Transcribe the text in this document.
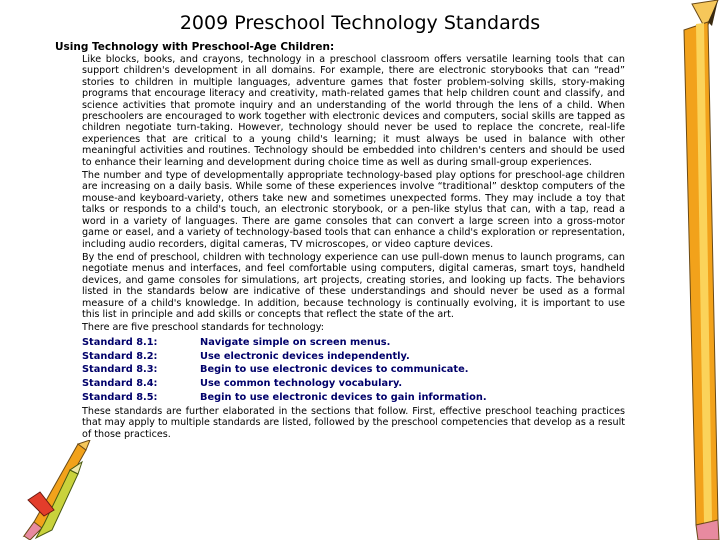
2009 Preschool Technology Standards
Using Technology with Preschool-Age Children:

Like blocks, books, and crayons, technology in a preschool classroom offers versatile learning tools that can support children's development in all domains. For example, there are electronic storybooks that can “read” stories to children in multiple languages, adventure games that foster problem-solving skills, story-making programs that encourage literacy and creativity, math-related games that help children count and classify, and science activities that promote inquiry and an understanding of the world through the lens of a child. When preschoolers are encouraged to work together with electronic devices and computers, social skills are tapped as children negotiate turn-taking. However, technology should never be used to replace the concrete, real-life experiences that are critical to a young child's learning; it must always be used in balance with other meaningful activities and routines. Technology should be embedded into children's centers and should be used to enhance their learning and development during choice time as well as during small-group experiences.

The number and type of developmentally appropriate technology-based play options for preschool-age children are increasing on a daily basis. While some of these experiences involve “traditional” desktop computers of the mouse-and keyboard-variety, others take new and sometimes unexpected forms. They may include a toy that talks or responds to a child's touch, an electronic storybook, or a pen-like stylus that can, with a tap, read a word in a variety of languages. There are game consoles that can convert a large screen into a gross-motor game or easel, and a variety of technology-based tools that can enhance a child's exploration or representation, including audio recorders, digital cameras, TV microscopes, or video capture devices.

By the end of preschool, children with technology experience can use pull-down menus to launch programs, can negotiate menus and interfaces, and feel comfortable using computers, digital cameras, smart toys, handheld devices, and game consoles for simulations, art projects, creating stories, and looking up facts. The behaviors listed in the standards below are indicative of these understandings and should never be used as a formal measure of a child's knowledge. In addition, because technology is continually evolving, it is important to use this list in principle and add skills or concepts that reflect the state of the art.

There are five preschool standards for technology:

Standard 8.1:	Navigate simple on screen menus.
Standard 8.2:	Use electronic devices independently.
Standard 8.3:	Begin to use electronic devices to communicate.
Standard 8.4:	Use common technology vocabulary.
Standard 8.5:	Begin to use electronic devices to gain information.

These standards are further elaborated in the sections that follow. First, effective preschool teaching practices that may apply to multiple standards are listed, followed by the preschool competencies that develop as a result of those practices.
